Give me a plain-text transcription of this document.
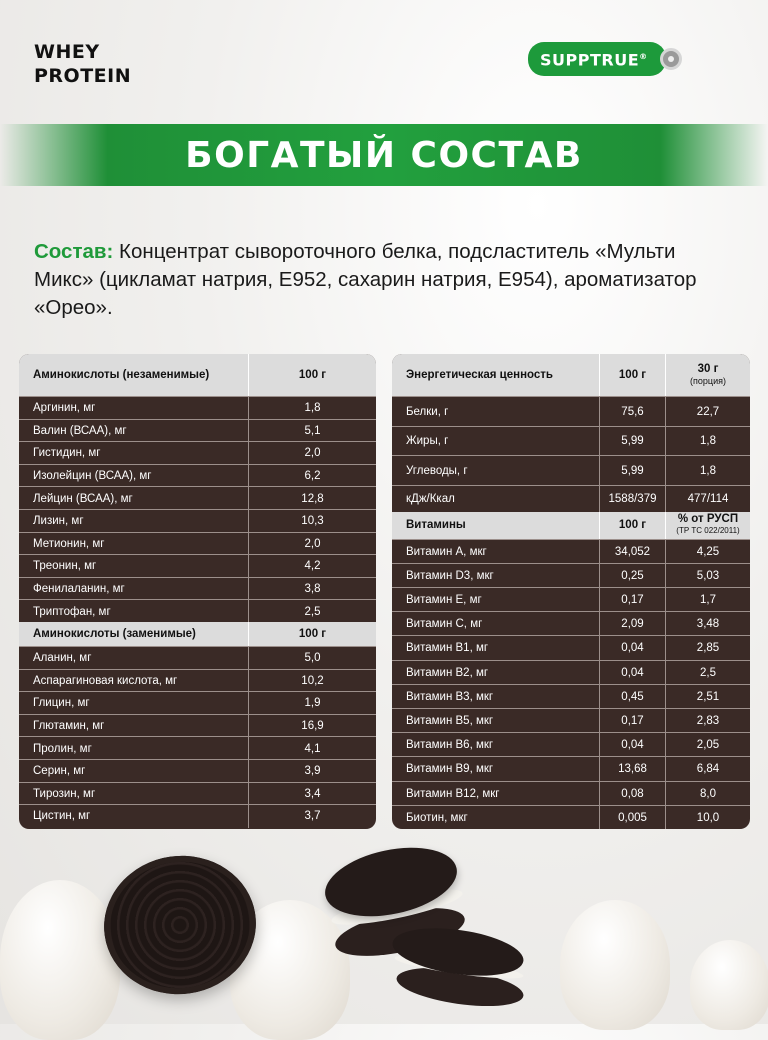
WHEY
PROTEIN
SUPPTRUE®
БОГАТЫЙ СОСТАВ
Состав: Концентрат сывороточного белка, подсластитель «Мульти Микс» (цикламат натрия, Е952, сахарин натрия, Е954), ароматизатор «Орео».
Аминокислоты (незаменимые)	100 г
Аргинин, мг	1,8
Валин (ВСАА), мг	5,1
Гистидин, мг	2,0
Изолейцин (ВСАА), мг	6,2
Лейцин (ВСАА), мг	12,8
Лизин, мг	10,3
Метионин, мг	2,0
Треонин, мг	4,2
Фенилаланин, мг	3,8
Триптофан, мг	2,5
Аминокислоты (заменимые)	100 г
Аланин, мг	5,0
Аспарагиновая кислота, мг	10,2
Глицин, мг	1,9
Глютамин, мг	16,9
Пролин, мг	4,1
Серин, мг	3,9
Тирозин, мг	3,4
Цистин, мг	3,7
Энергетическая ценность	100 г	30 г
(порция)
Белки, г	75,6	22,7
Жиры, г	5,99	1,8
Углеводы, г	5,99	1,8
кДж/Ккал	1588/379	477/114
Витамины	100 г	% от РУСП
(ТР ТС 022/2011)
Витамин А, мкг	34,052	4,25
Витамин D3, мкг	0,25	5,03
Витамин Е, мг	0,17	1,7
Витамин С, мг	2,09	3,48
Витамин В1, мг	0,04	2,85
Витамин В2, мг	0,04	2,5
Витамин В3, мкг	0,45	2,51
Витамин В5, мкг	0,17	2,83
Витамин В6, мкг	0,04	2,05
Витамин В9, мкг	13,68	6,84
Витамин В12, мкг	0,08	8,0
Биотин, мкг	0,005	10,0
